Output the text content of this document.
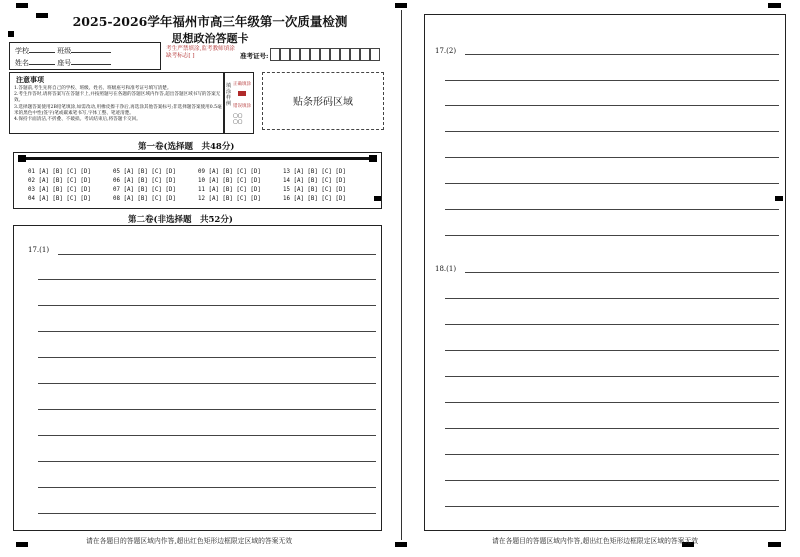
2025-2026学年福州市高三年级第一次质量检测
思想政治答题卡
学校	班级
姓名	座号
考生严禁填涂,监考教师填涂缺考标志[ ]	准考证号:
注意事项
1.答题前,考生先将自己的学校、班级、姓名、班级座号和准考证号填写清楚。
2.考生作答时,请将答案写在答题卡上,并按照题号在各题的答题区域内作答,超出答题区域书写的答案无效。
3.选择题答案使用2B铅笔填涂,如需改动,用橡皮擦干净后,再选涂其他答案标号;非选择题答案使用0.5毫米的黑色中性(签字)笔或碳素笔书写,字体工整、笔迹清楚。
4.保持卡面清洁,不折叠、不破损。考试结束后,将答题卡交回。
填涂样例
正确填涂
错误填涂
▢▢
▢▢
贴条形码区域
第一卷(选择题　共48分)
01 [A] [B] [C] [D]	05 [A] [B] [C] [D]	09 [A] [B] [C] [D]	13 [A] [B] [C] [D]
02 [A] [B] [C] [D]	06 [A] [B] [C] [D]	10 [A] [B] [C] [D]	14 [A] [B] [C] [D]
03 [A] [B] [C] [D]	07 [A] [B] [C] [D]	11 [A] [B] [C] [D]	15 [A] [B] [C] [D]
04 [A] [B] [C] [D]	08 [A] [B] [C] [D]	12 [A] [B] [C] [D]	16 [A] [B] [C] [D]
第二卷(非选择题　共52分)
17.(1)
请在各题目的答题区域内作答,超出红色矩形边框限定区域的答案无效
17.(2)
18.(1)
请在各题目的答题区域内作答,超出红色矩形边框限定区域的答案无效
